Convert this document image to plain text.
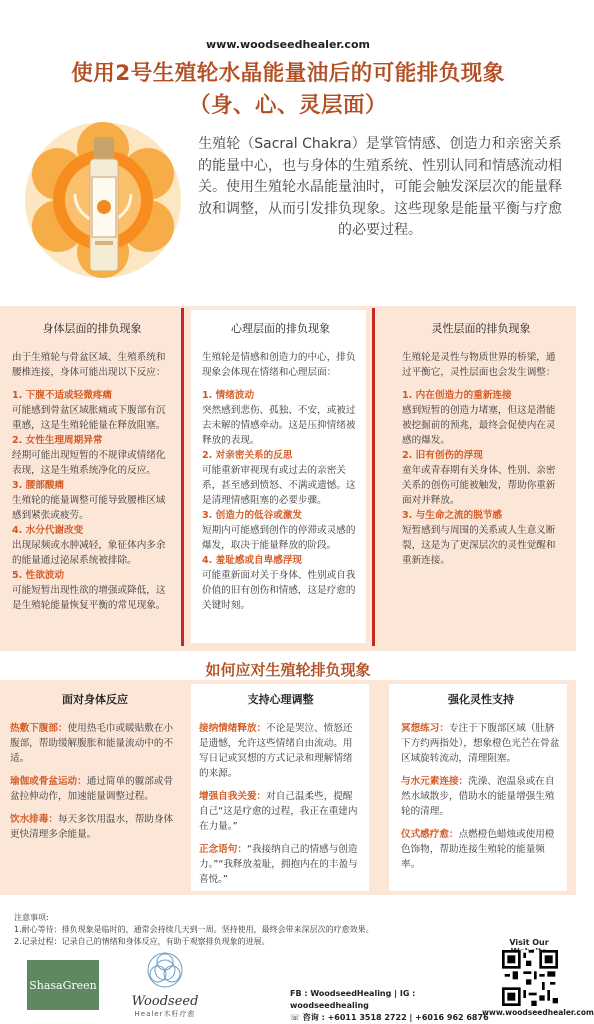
www.woodseedhealer.com
使用2号生殖轮水晶能量油后的可能排负现象
（身、心、灵层面）
生殖轮（Sacral Chakra）是掌管情感、创造力和亲密关系的能量中心，也与身体的生殖系统、性别认同和情感流动相关。使用生殖轮水晶能量油时，可能会触发深层次的能量释放和调整，从而引发排负现象。这些现象是能量平衡与疗愈的必要过程。
身体层面的排负现象

由于生殖轮与骨盆区域、生殖系统和腰椎连接，身体可能出现以下反应：

1. 下腹不适或轻微疼痛

可能感到骨盆区域胀痛或下腹部有沉重感，这是生殖轮能量在释放阻塞。

2. 女性生理周期异常

经期可能出现短暂的不规律或情绪化表现，这是生殖系统净化的反应。

3. 腰部酸痛

生殖轮的能量调整可能导致腰椎区域感到紧张或疲劳。

4. 水分代谢改变

出现尿频或水肿减轻，象征体内多余的能量通过泌尿系统被排除。

5. 性欲波动

可能短暂出现性欲的增强或降低，这是生殖轮能量恢复平衡的常见现象。

心理层面的排负现象

生殖轮是情感和创造力的中心，排负现象会体现在情绪和心理层面：

1. 情绪波动

突然感到悲伤、孤独、不安，或被过去未解的情感牵动。这是压抑情绪被释放的表现。

2. 对亲密关系的反思

可能重新审视现有或过去的亲密关系，甚至感到愤怒、不满或遗憾。这是清理情感阻塞的必要步骤。

3. 创造力的低谷或激发

短期内可能感到创作的停滞或灵感的爆发，取决于能量释放的阶段。

4. 羞耻感或自卑感浮现

可能重新面对关于身体、性别或自我价值的旧有创伤和情感，这是疗愈的关键时刻。

灵性层面的排负现象

生殖轮是灵性与物质世界的桥梁，通过平衡它，灵性层面也会发生调整：

1. 内在创造力的重新连接

感到短暂的创造力堵塞，但这是潜能被挖掘前的预兆，最终会促使内在灵感的爆发。

2. 旧有创伤的浮现

童年或青春期有关身体、性别、亲密关系的创伤可能被触发，帮助你重新面对并释放。

3. 与生命之流的脱节感

短暂感到与周围的关系或人生意义断裂，这是为了更深层次的灵性觉醒和重新连接。

如何应对生殖轮排负现象
面对身体反应

热敷下腹部：使用热毛巾或暖贴敷在小腹部，帮助缓解腹胀和能量流动中的不适。

瑜伽或骨盆运动：通过简单的髋部或骨盆拉伸动作，加速能量调整过程。

饮水排毒：每天多饮用温水，帮助身体更快清理多余能量。

支持心理调整

接纳情绪释放：不论是哭泣、愤怒还是遗憾，允许这些情绪自由流动。用写日记或冥想的方式记录和理解情绪的来源。

增强自我关爱：对自己温柔些，提醒自己“这是疗愈的过程，我正在重建内在力量。”

正念语句：“我接纳自己的情感与创造力。”“我释放羞耻，拥抱内在的丰盈与喜悦。”

强化灵性支持

冥想练习：专注于下腹部区域（肚脐下方约两指处），想象橙色光芒在骨盆区域旋转流动，清理阻塞。

与水元素连接：洗澡、泡温泉或在自然水域散步，借助水的能量增强生殖轮的清理。

仪式感疗愈：点燃橙色蜡烛或使用橙色饰物，帮助连接生殖轮的能量频率。

注意事项:

1.耐心等待：排负现象是临时的，通常会持续几天到一周。坚持使用，最终会带来深层次的疗愈效果。

2.记录过程：记录自己的情绪和身体反应，有助于观察排负现象的进展。

ShasaGreen
Woodseed
Healer木籽疗愈

FB : WoodseedHealing | IG : woodseedhealing

☏ 咨询 : +6011 3518 2722 | +6016 962 6876

Visit Our
www.woodseedhealer.com
